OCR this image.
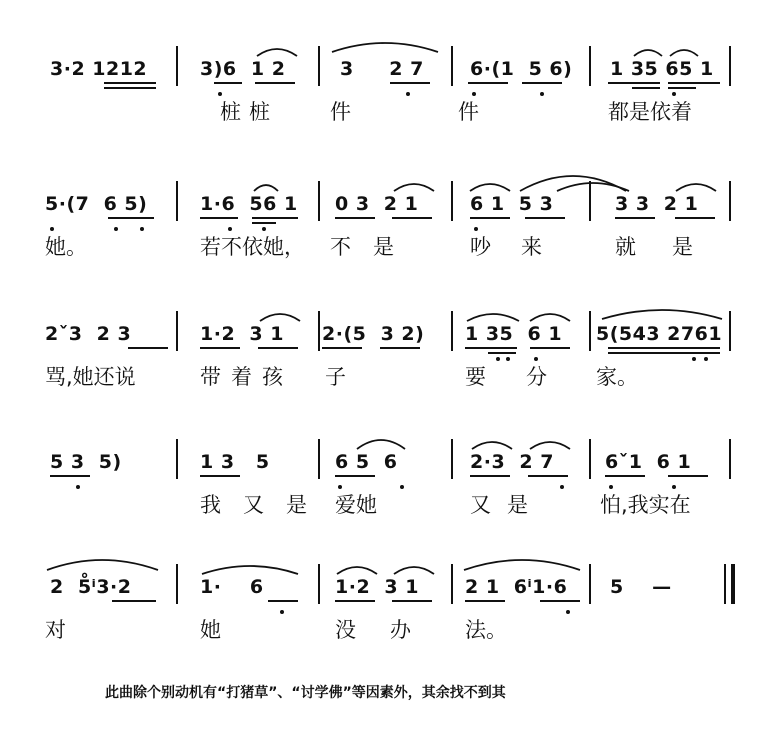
3·2 1212	3)6  1 2	3     2 7 6·(1  5 6) 1 35 65 1
桩桩 件	件	都是依着
5·(7  6 5)	1·6  56 1 0 3  2 1	6 1  5 3	3 3  2 1
她。	若不依她， 不是	吵来 就是
2ˇ3  2 3	1·2  3 1 2·(5  3 2) 1 35  6 1 5(543 2761
骂,她还说	带着孩 子	要分 家。
5 3  5)	1 3   5	6 5  6	2·3  2 7	6ˇ1  6 1
我又是 爱她	又是	怕,我实在
2  5̊ⁱ3·2	1·    6	1·2  3 1 2 1  6ⁱ1·6 5    —
对	她	没办 法。
此曲除个别动机有“打猪草”、“讨学佛”等因素外，其余找不到其
